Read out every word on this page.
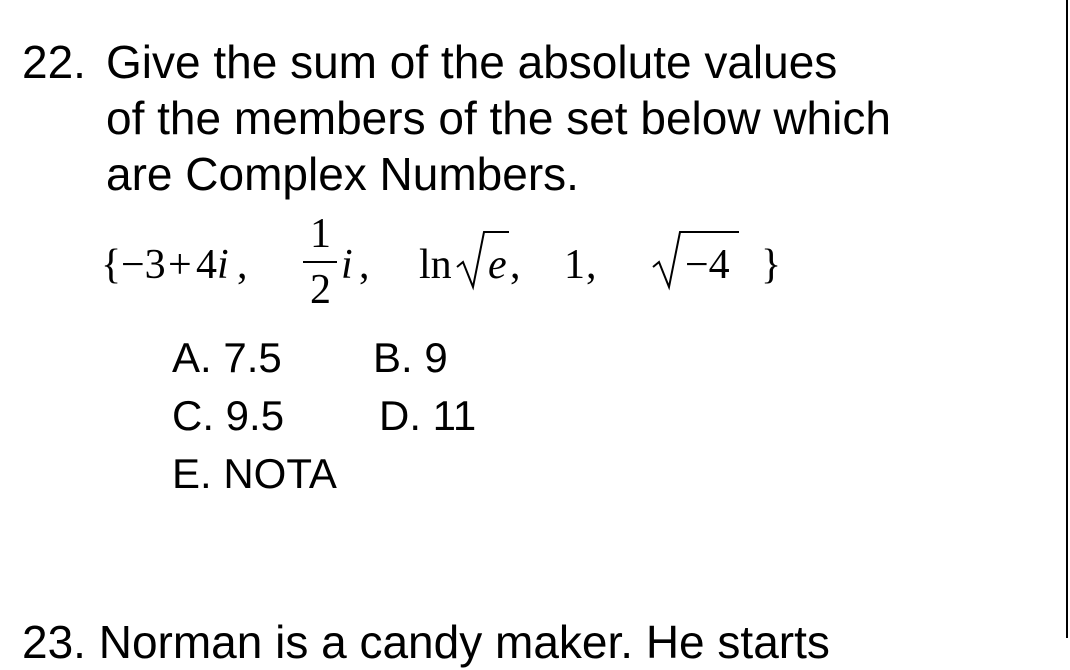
22. Give the sum of the absolute values
of the members of the set below which
are Complex Numbers.
{ −3 + 4 i ,
1
2
i , ln e , 1 , −4 }
A. 7.5 B. 9
C. 9.5 D. 11
E. NOTA
23. Norman is a candy maker. He starts
